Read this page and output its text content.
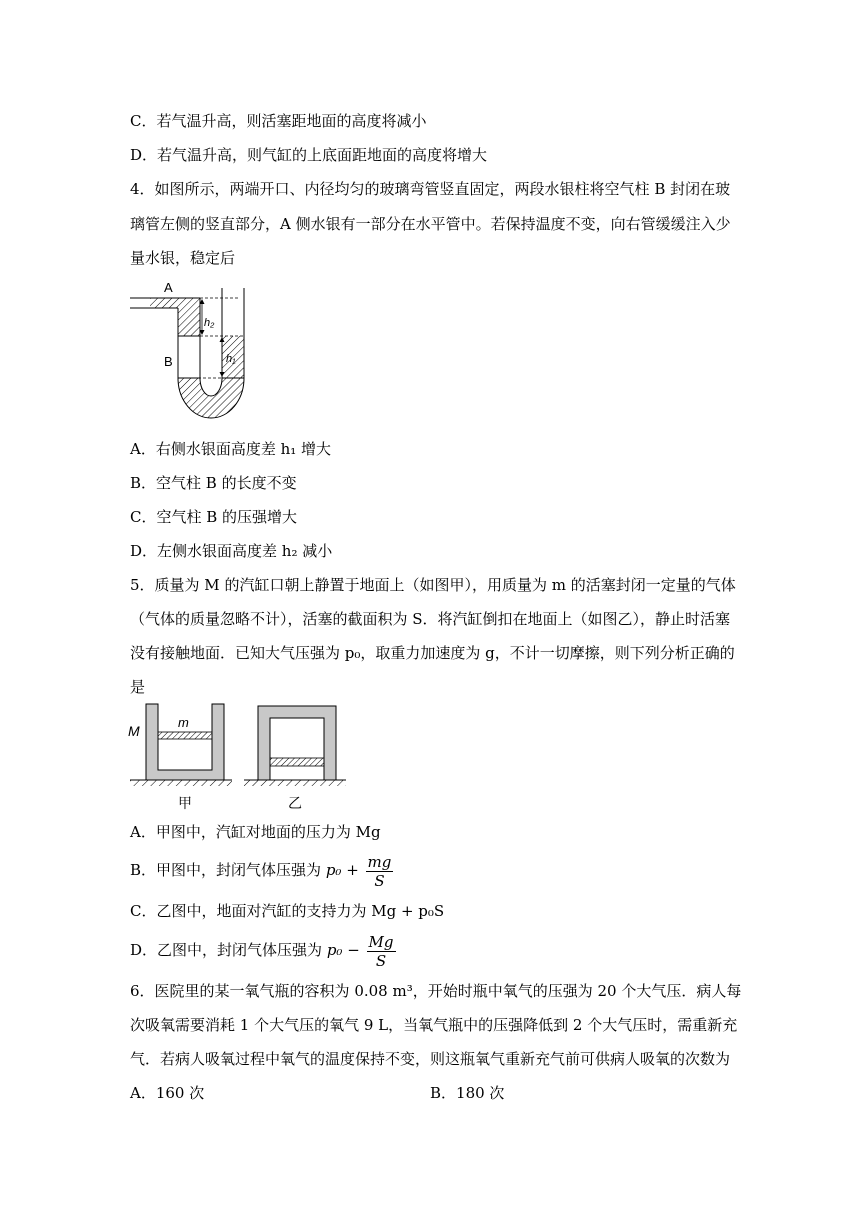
C．若气温升高，则活塞距地面的高度将减小
D．若气温升高，则气缸的上底面距地面的高度将增大
4．如图所示，两端开口、内径均匀的玻璃弯管竖直固定，两段水银柱将空气柱 B 封闭在玻
璃管左侧的竖直部分，A 侧水银有一部分在水平管中。若保持温度不变，向右管缓缓注入少
量水银，稳定后
A
B
h₂
h₁
A．右侧水银面高度差 h₁ 增大
B．空气柱 B 的长度不变
C．空气柱 B 的压强增大
D．左侧水银面高度差 h₂ 减小
5．质量为 M 的汽缸口朝上静置于地面上（如图甲），用质量为 m 的活塞封闭一定量的气体
（气体的质量忽略不计），活塞的截面积为 S．将汽缸倒扣在地面上（如图乙），静止时活塞
没有接触地面．已知大气压强为 p₀，取重力加速度为 g，不计一切摩擦，则下列分析正确的
是
M
m
甲	乙
A．甲图中，汽缸对地面的压力为 Mg
B．甲图中，封闭气体压强为 $p_0 + \frac{mg}{S}$
C．乙图中，地面对汽缸的支持力为 Mg + p₀S
D．乙图中，封闭气体压强为 $p_0 - \frac{Mg}{S}$
6．医院里的某一氧气瓶的容积为 0.08 m³，开始时瓶中氧气的压强为 20 个大气压．病人每
次吸氧需要消耗 1 个大气压的氧气 9 L，当氧气瓶中的压强降低到 2 个大气压时，需重新充
气．若病人吸氧过程中氧气的温度保持不变，则这瓶氧气重新充气前可供病人吸氧的次数为
A．160 次	B．180 次
